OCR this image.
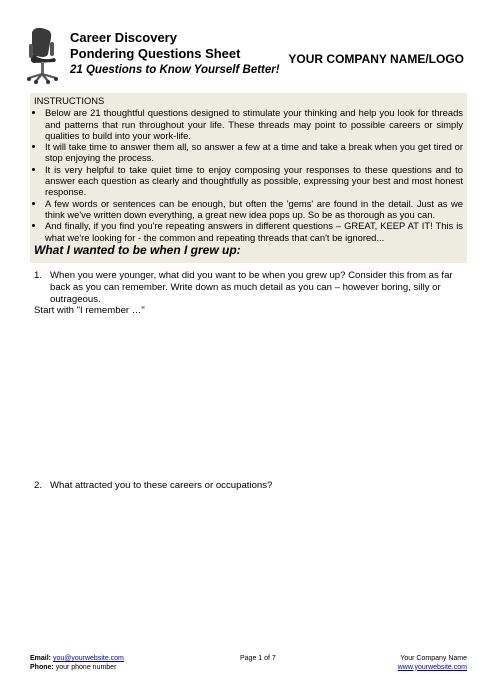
Career Discovery
Pondering Questions Sheet
21 Questions to Know Yourself Better!
YOUR COMPANY NAME/LOGO
INSTRUCTIONS
• Below are 21 thoughtful questions designed to stimulate your thinking and help you look for threads and patterns that run throughout your life. These threads may point to possible careers or simply qualities to build into your work-life.
• It will take time to answer them all, so answer a few at a time and take a break when you get tired or stop enjoying the process.
• It is very helpful to take quiet time to enjoy composing your responses to these questions and to answer each question as clearly and thoughtfully as possible, expressing your best and most honest response.
• A few words or sentences can be enough, but often the 'gems' are found in the detail. Just as we think we've written down everything, a great new idea pops up. So be as thorough as you can.
• And finally, if you find you're repeating answers in different questions – GREAT, KEEP AT IT! This is what we're looking for - the common and repeating threads that can't be ignored...
What I wanted to be when I grew up:
1. When you were younger, what did you want to be when you grew up? Consider this from as far back as you can remember. Write down as much detail as you can – however boring, silly or outrageous.
Start with "I remember …"
2. What attracted you to these careers or occupations?
Email: you@yourwebsite.com
Phone: your phone number
Page 1 of 7	Your Company Name
www.yourwebsite.com
